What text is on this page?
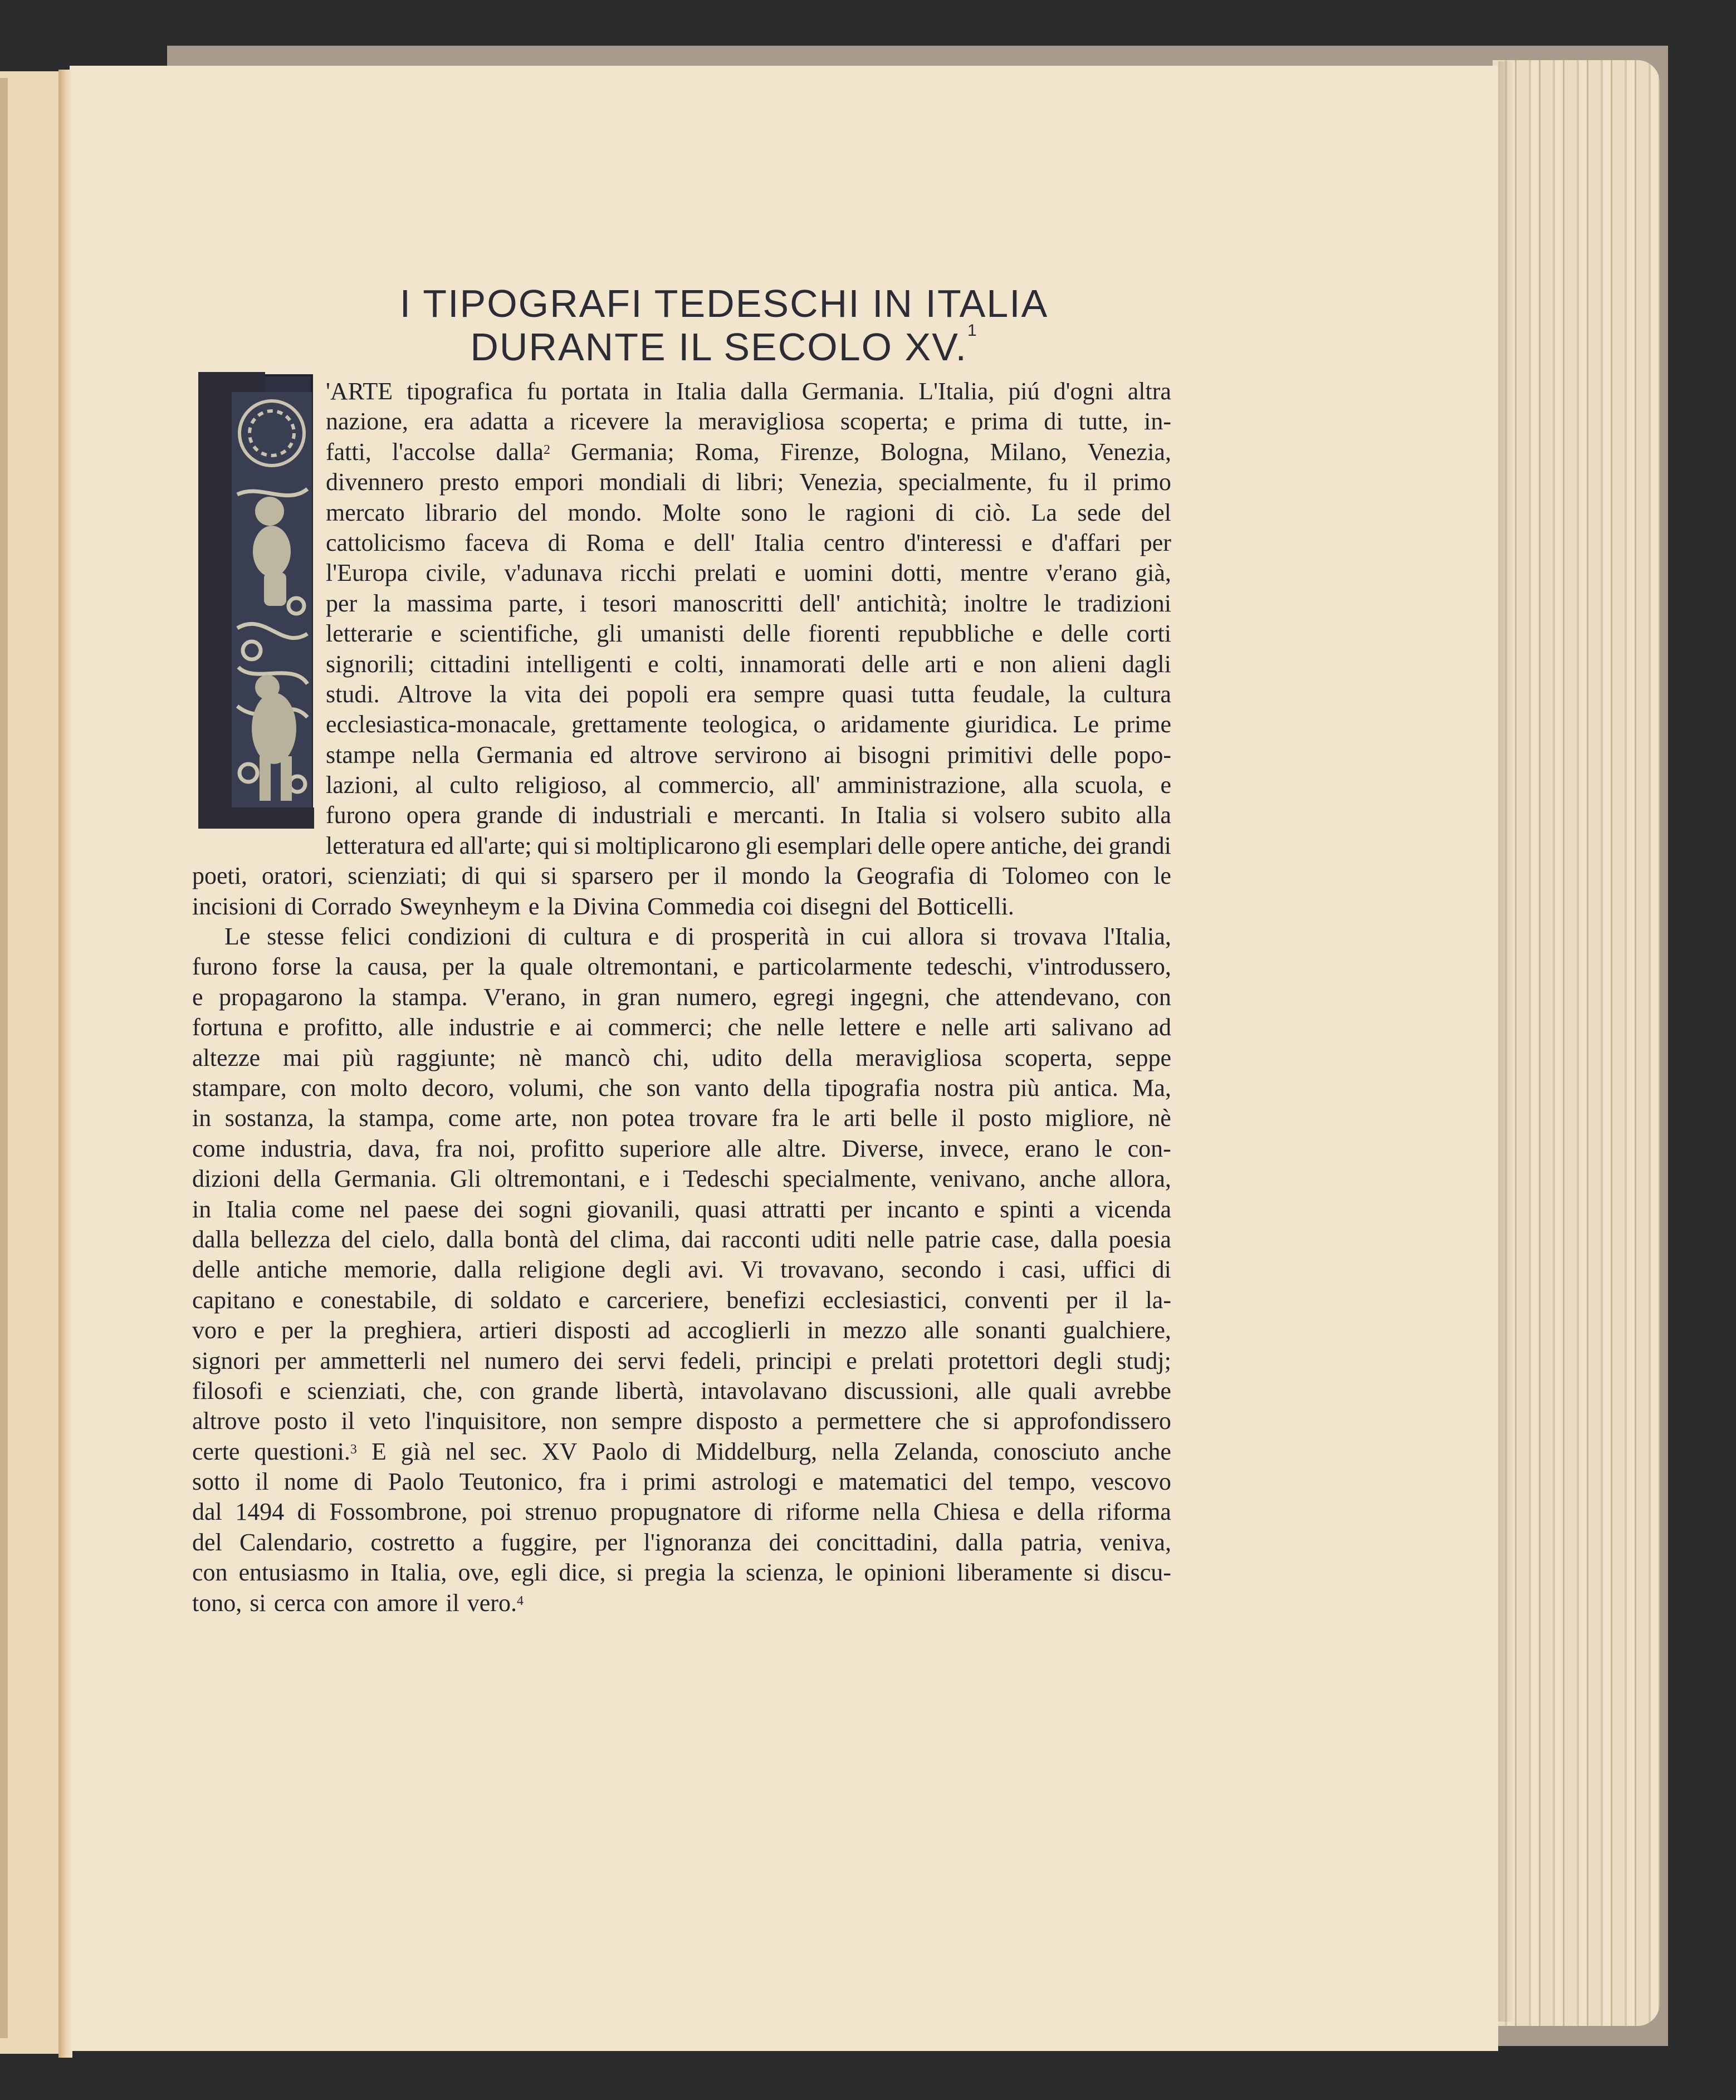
I TIPOGRAFI TEDESCHI IN ITALIA
DURANTE IL SECOLO XV.$^1$
'ARTE tipografica fu portata in Italia dalla Germania. L'Italia, piú d'ogni altra
nazione, era adatta a ricevere la meravigliosa scoperta; e prima di tutte, in-
fatti, l'accolse dalla$^2$ Germania; Roma, Firenze, Bologna, Milano, Venezia,
divennero presto empori mondiali di libri; Venezia, specialmente, fu il primo
mercato librario del mondo. Molte sono le ragioni di ciò. La sede del
cattolicismo faceva di Roma e dell' Italia centro d'interessi e d'affari per
l'Europa civile, v'adunava ricchi prelati e uomini dotti, mentre v'erano già,
per la massima parte, i tesori manoscritti dell' antichità; inoltre le tradizioni
letterarie e scientifiche, gli umanisti delle fiorenti repubbliche e delle corti
signorili; cittadini intelligenti e colti, innamorati delle arti e non alieni dagli
studi. Altrove la vita dei popoli era sempre quasi tutta feudale, la cultura
ecclesiastica-monacale, grettamente teologica, o aridamente giuridica. Le prime
stampe nella Germania ed altrove servirono ai bisogni primitivi delle popo-
lazioni, al culto religioso, al commercio, all' amministrazione, alla scuola, e
furono opera grande di industriali e mercanti. In Italia si volsero subito alla
letteratura ed all'arte; qui si moltiplicarono gli esemplari delle opere antiche, dei grandi
poeti, oratori, scienziati; di qui si sparsero per il mondo la Geografia di Tolomeo con le
incisioni di Corrado Sweynheym e la Divina Commedia coi disegni del Botticelli.
Le stesse felici condizioni di cultura e di prosperità in cui allora si trovava l'Italia,
furono forse la causa, per la quale oltremontani, e particolarmente tedeschi, v'introdussero,
e propagarono la stampa. V'erano, in gran numero, egregi ingegni, che attendevano, con
fortuna e profitto, alle industrie e ai commerci; che nelle lettere e nelle arti salivano ad
altezze mai più raggiunte; nè mancò chi, udito della meravigliosa scoperta, seppe
stampare, con molto decoro, volumi, che son vanto della tipografia nostra più antica. Ma,
in sostanza, la stampa, come arte, non potea trovare fra le arti belle il posto migliore, nè
come industria, dava, fra noi, profitto superiore alle altre. Diverse, invece, erano le con-
dizioni della Germania. Gli oltremontani, e i Tedeschi specialmente, venivano, anche allora,
in Italia come nel paese dei sogni giovanili, quasi attratti per incanto e spinti a vicenda
dalla bellezza del cielo, dalla bontà del clima, dai racconti uditi nelle patrie case, dalla poesia
delle antiche memorie, dalla religione degli avi. Vi trovavano, secondo i casi, uffici di
capitano e conestabile, di soldato e carceriere, benefizi ecclesiastici, conventi per il la-
voro e per la preghiera, artieri disposti ad accoglierli in mezzo alle sonanti gualchiere,
signori per ammetterli nel numero dei servi fedeli, principi e prelati protettori degli studj;
filosofi e scienziati, che, con grande libertà, intavolavano discussioni, alle quali avrebbe
altrove posto il veto l'inquisitore, non sempre disposto a permettere che si approfondissero
certe questioni.$^3$ E già nel sec. XV Paolo di Middelburg, nella Zelanda, conosciuto anche
sotto il nome di Paolo Teutonico, fra i primi astrologi e matematici del tempo, vescovo
dal 1494 di Fossombrone, poi strenuo propugnatore di riforme nella Chiesa e della riforma
del Calendario, costretto a fuggire, per l'ignoranza dei concittadini, dalla patria, veniva,
con entusiasmo in Italia, ove, egli dice, si pregia la scienza, le opinioni liberamente si discu-
tono, si cerca con amore il vero.$^4$
